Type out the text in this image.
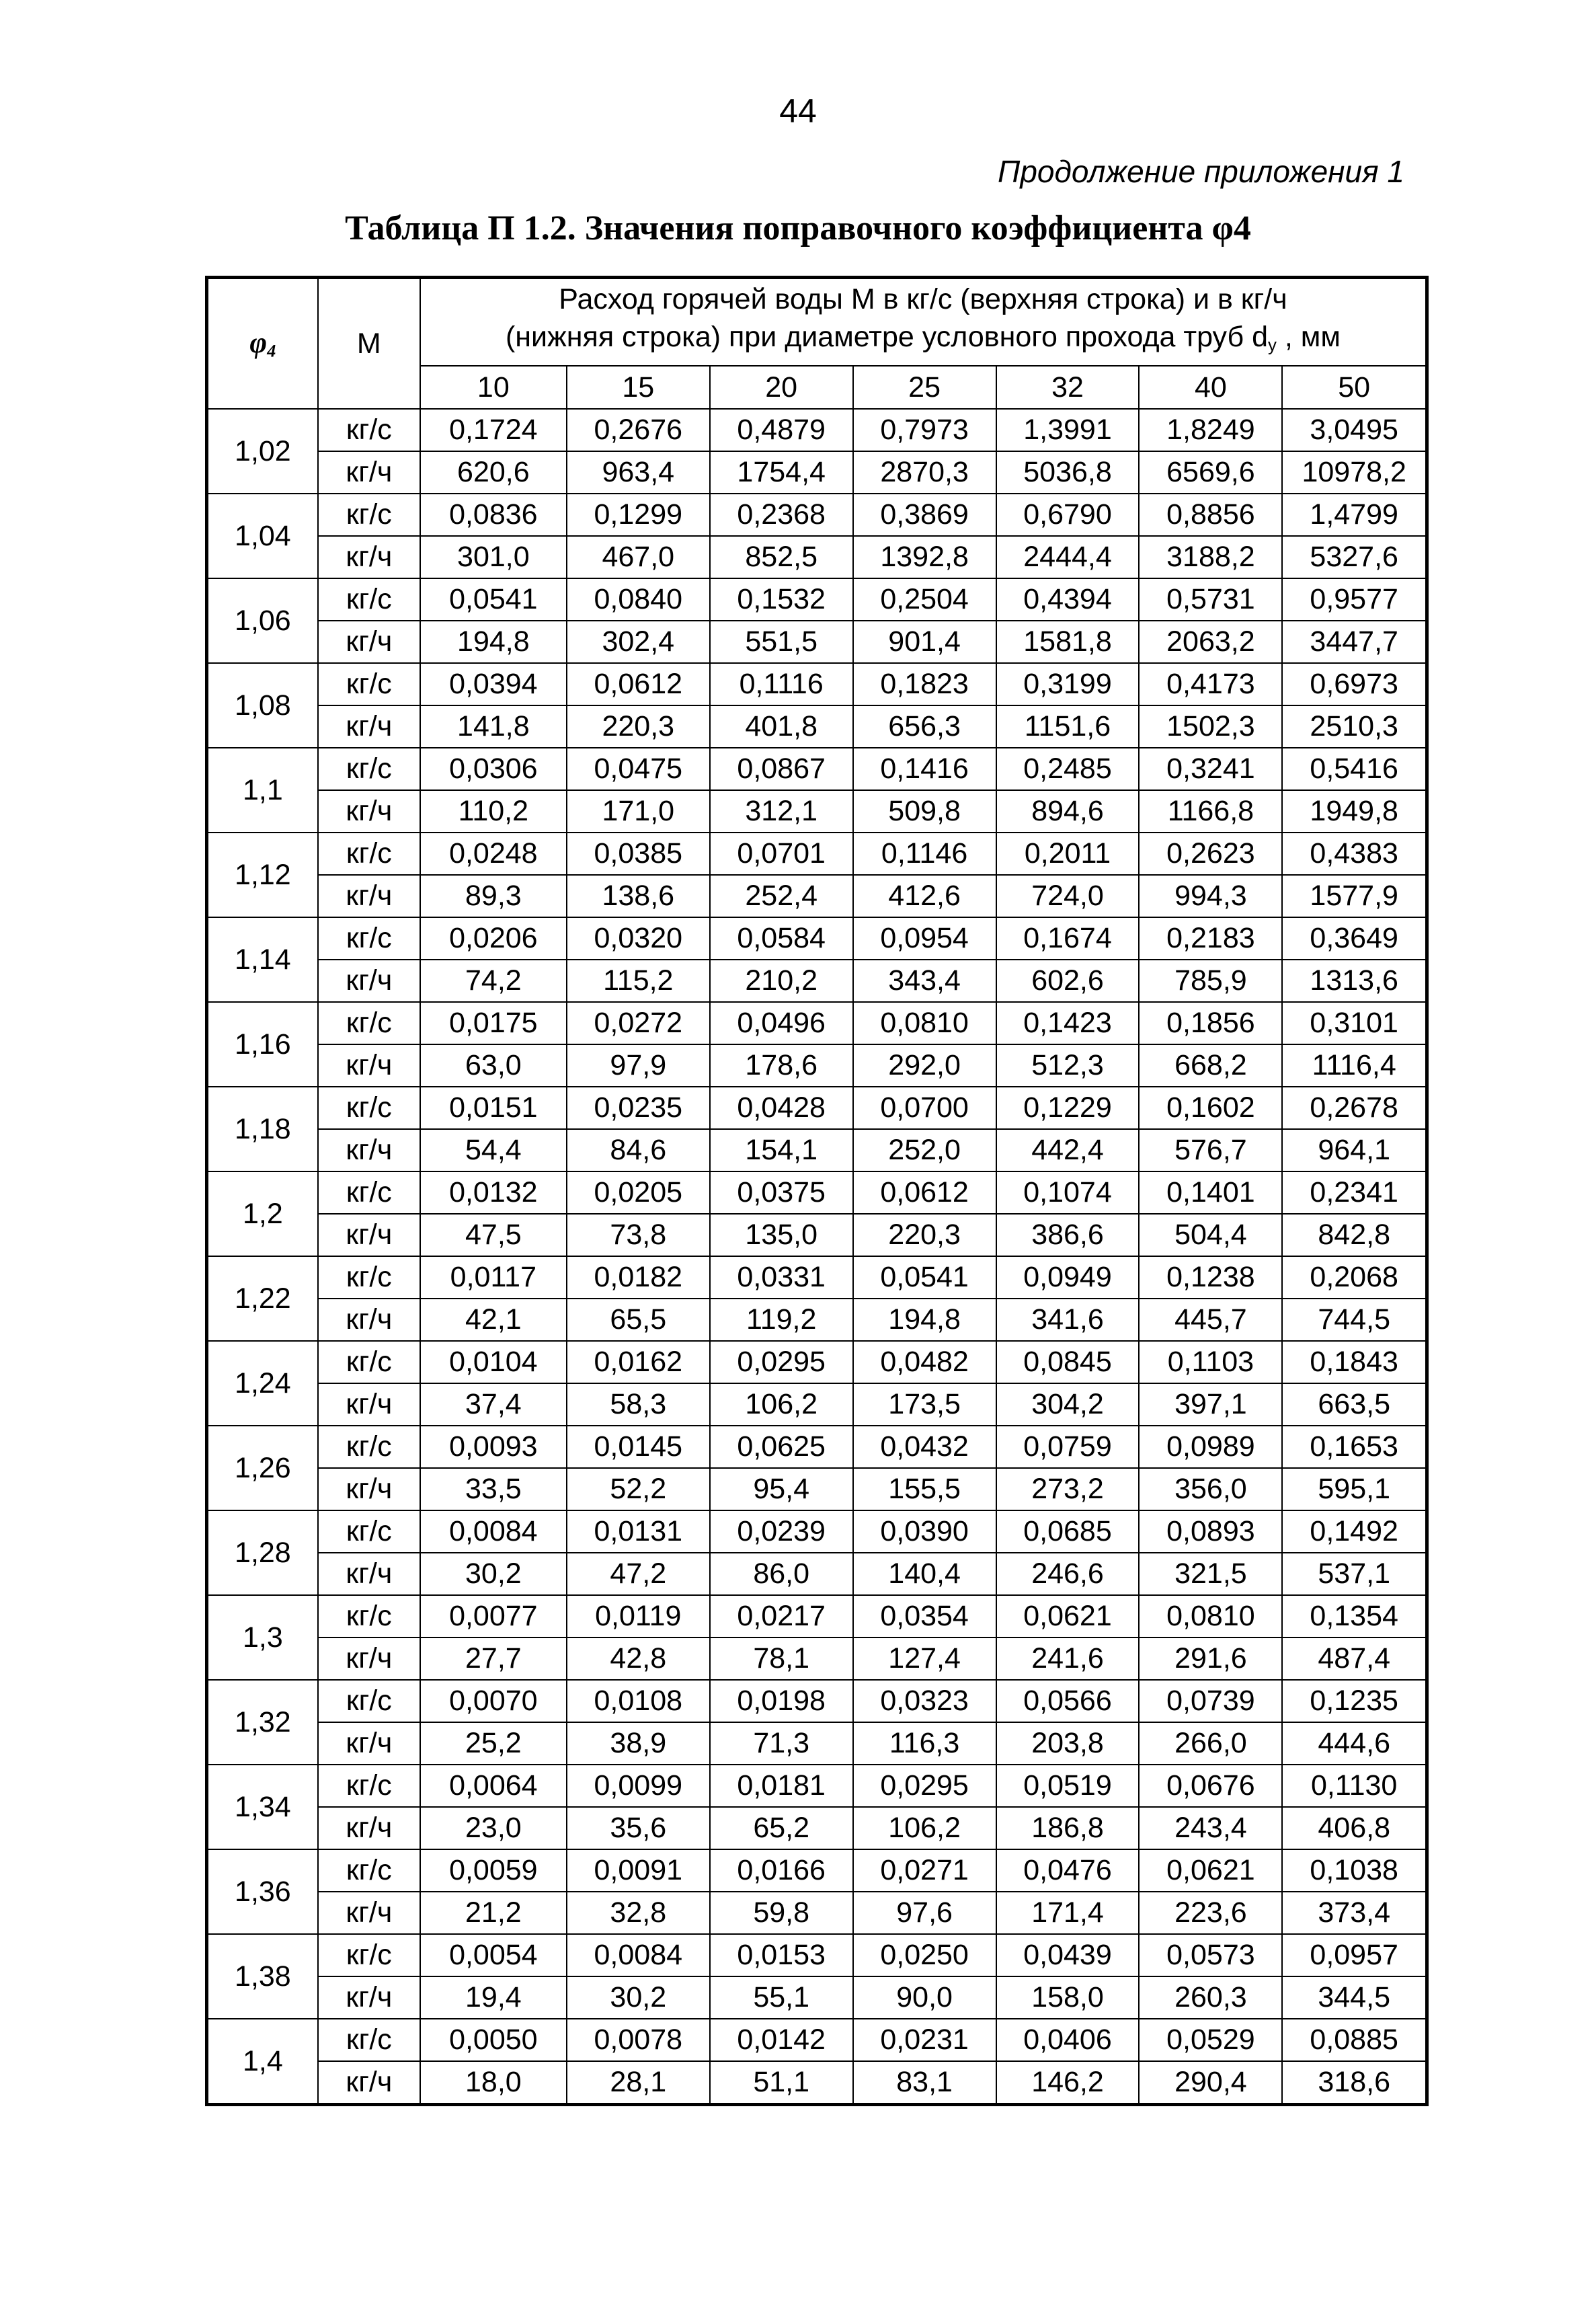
44
Продолжение приложения 1
Таблица П 1.2. Значения поправочного коэффициента φ4
$\varphi_4$	М	Расход горячей воды М в кг/с (верхняя строка) и в кг/ч
(нижняя строка) при диаметре условного прохода труб $d_у$ , мм						

		10	15	20	25	32	40	50
1,02	кг/с	0,1724	0,2676	0,4879	0,7973	1,3991	1,8249	3,0495
	кг/ч	620,6	963,4	1754,4	2870,3	5036,8	6569,6	10978,2
1,04	кг/с	0,0836	0,1299	0,2368	0,3869	0,6790	0,8856	1,4799
	кг/ч	301,0	467,0	852,5	1392,8	2444,4	3188,2	5327,6
1,06	кг/с	0,0541	0,0840	0,1532	0,2504	0,4394	0,5731	0,9577
	кг/ч	194,8	302,4	551,5	901,4	1581,8	2063,2	3447,7
1,08	кг/с	0,0394	0,0612	0,1116	0,1823	0,3199	0,4173	0,6973
	кг/ч	141,8	220,3	401,8	656,3	1151,6	1502,3	2510,3
1,1	кг/с	0,0306	0,0475	0,0867	0,1416	0,2485	0,3241	0,5416
	кг/ч	110,2	171,0	312,1	509,8	894,6	1166,8	1949,8
1,12	кг/с	0,0248	0,0385	0,0701	0,1146	0,2011	0,2623	0,4383
	кг/ч	89,3	138,6	252,4	412,6	724,0	994,3	1577,9
1,14	кг/с	0,0206	0,0320	0,0584	0,0954	0,1674	0,2183	0,3649
	кг/ч	74,2	115,2	210,2	343,4	602,6	785,9	1313,6
1,16	кг/с	0,0175	0,0272	0,0496	0,0810	0,1423	0,1856	0,3101
	кг/ч	63,0	97,9	178,6	292,0	512,3	668,2	1116,4
1,18	кг/с	0,0151	0,0235	0,0428	0,0700	0,1229	0,1602	0,2678
	кг/ч	54,4	84,6	154,1	252,0	442,4	576,7	964,1
1,2	кг/с	0,0132	0,0205	0,0375	0,0612	0,1074	0,1401	0,2341
	кг/ч	47,5	73,8	135,0	220,3	386,6	504,4	842,8
1,22	кг/с	0,0117	0,0182	0,0331	0,0541	0,0949	0,1238	0,2068
	кг/ч	42,1	65,5	119,2	194,8	341,6	445,7	744,5
1,24	кг/с	0,0104	0,0162	0,0295	0,0482	0,0845	0,1103	0,1843
	кг/ч	37,4	58,3	106,2	173,5	304,2	397,1	663,5
1,26	кг/с	0,0093	0,0145	0,0625	0,0432	0,0759	0,0989	0,1653
	кг/ч	33,5	52,2	95,4	155,5	273,2	356,0	595,1
1,28	кг/с	0,0084	0,0131	0,0239	0,0390	0,0685	0,0893	0,1492
	кг/ч	30,2	47,2	86,0	140,4	246,6	321,5	537,1
1,3	кг/с	0,0077	0,0119	0,0217	0,0354	0,0621	0,0810	0,1354
	кг/ч	27,7	42,8	78,1	127,4	241,6	291,6	487,4
1,32	кг/с	0,0070	0,0108	0,0198	0,0323	0,0566	0,0739	0,1235
	кг/ч	25,2	38,9	71,3	116,3	203,8	266,0	444,6
1,34	кг/с	0,0064	0,0099	0,0181	0,0295	0,0519	0,0676	0,1130
	кг/ч	23,0	35,6	65,2	106,2	186,8	243,4	406,8
1,36	кг/с	0,0059	0,0091	0,0166	0,0271	0,0476	0,0621	0,1038
	кг/ч	21,2	32,8	59,8	97,6	171,4	223,6	373,4
1,38	кг/с	0,0054	0,0084	0,0153	0,0250	0,0439	0,0573	0,0957
	кг/ч	19,4	30,2	55,1	90,0	158,0	260,3	344,5
1,4	кг/с	0,0050	0,0078	0,0142	0,0231	0,0406	0,0529	0,0885
	кг/ч	18,0	28,1	51,1	83,1	146,2	290,4	318,6
